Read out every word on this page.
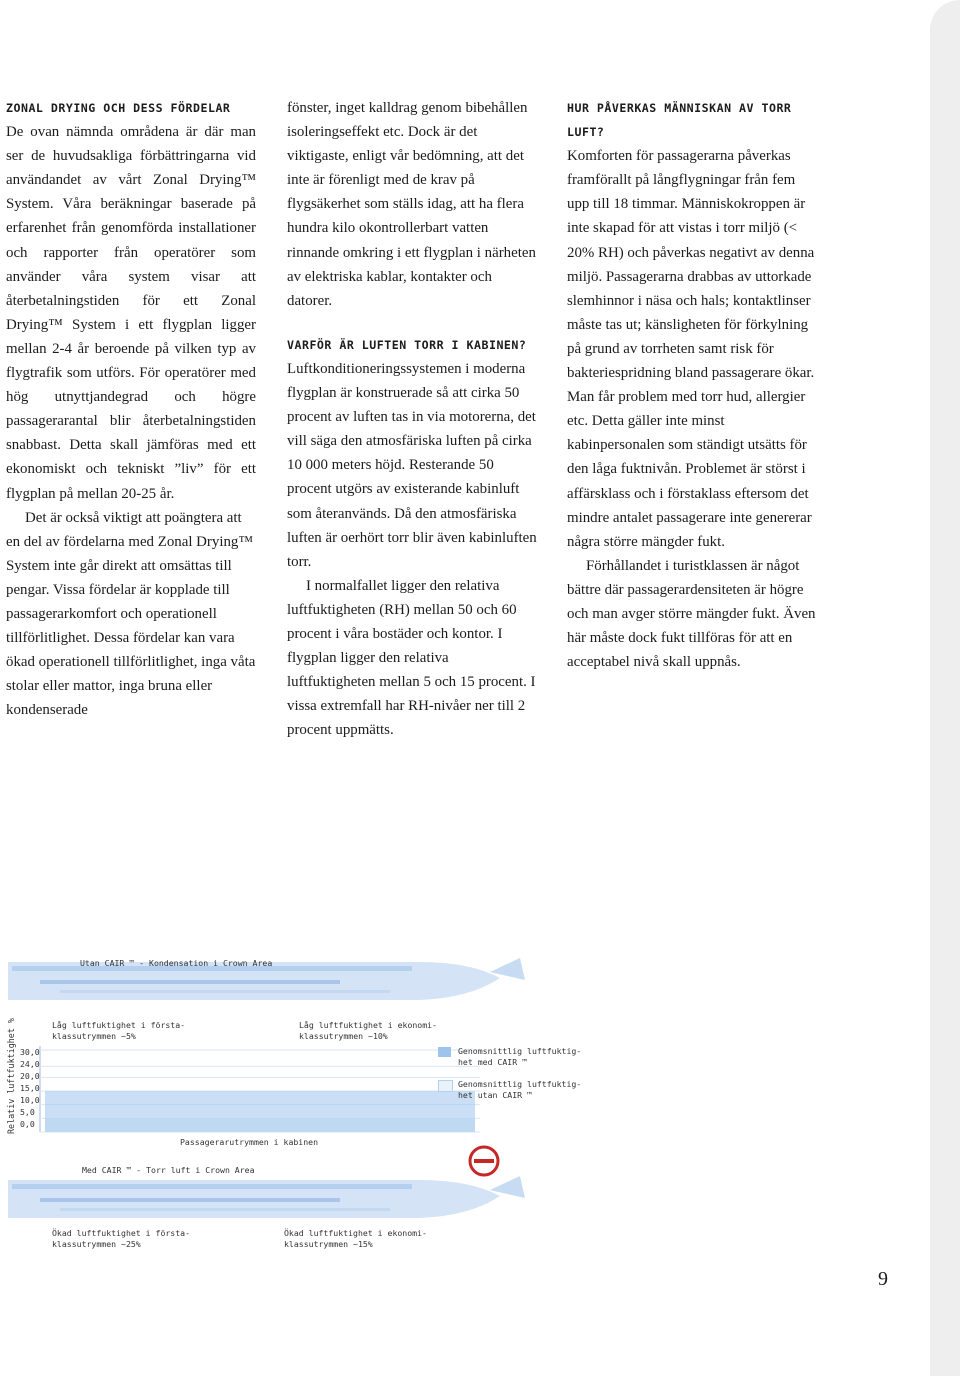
ZONAL DRYING OCH DESS FÖRDELAR

De ovan nämnda områdena är där man ser de huvudsakliga förbättringarna vid användandet av vårt Zonal Drying™ System. Våra beräkningar baserade på erfarenhet från genomförda installationer och rapporter från operatörer som använder våra system visar att återbetalningstiden för ett Zonal Drying™ System i ett flygplan ligger mellan 2-4 år beroende på vilken typ av flygtrafik som utförs. För operatörer med hög utnyttjandegrad och högre passagerarantal blir återbetalningstiden snabbast. Detta skall jämföras med ett ekonomiskt och tekniskt ”liv” för ett flygplan på mellan 20-25 år.

Det är också viktigt att poängtera att en del av fördelarna med Zonal Drying™ System inte går direkt att omsättas till pengar. Vissa fördelar är kopplade till passagerarkomfort och operationell tillförlitlighet. Dessa fördelar kan vara ökad operationell tillförlitlighet, inga våta stolar eller mattor, inga bruna eller kondenserade

fönster, inget kalldrag genom bibehållen isoleringseffekt etc. Dock är det viktigaste, enligt vår bedömning, att det inte är förenligt med de krav på flygsäkerhet som ställs idag, att ha flera hundra kilo okontrollerbart vatten rinnande omkring i ett flygplan i närheten av elektriska kablar, kontakter och datorer.

VARFÖR ÄR LUFTEN TORR I KABINEN?

Luftkonditioneringssystemen i moderna flygplan är konstruerade så att cirka 50 procent av luften tas in via motorerna, det vill säga den atmosfäriska luften på cirka 10 000 meters höjd. Resterande 50 procent utgörs av existerande kabinluft som återanvänds. Då den atmosfäriska luften är oerhört torr blir även kabinluften torr.

I normalfallet ligger den relativa luftfuktigheten (RH) mellan 50 och 60 procent i våra bostäder och kontor. I flygplan ligger den relativa luftfuktigheten mellan 5 och 15 procent. I vissa extremfall har RH-nivåer ner till 2 procent uppmätts.

HUR PÅVERKAS MÄNNISKAN AV TORR LUFT?

Komforten för passagerarna påverkas framförallt på långflygningar från fem upp till 18 timmar. Människokroppen är inte skapad för att vistas i torr miljö (< 20% RH) och påverkas negativt av denna miljö. Passagerarna drabbas av uttorkade slemhinnor i näsa och hals; kontaktlinser måste tas ut; känsligheten för förkylning på grund av torrheten samt risk för bakteriespridning bland passagerare ökar. Man får problem med torr hud, allergier etc. Detta gäller inte minst kabinpersonalen som ständigt utsätts för den låga fuktnivån. Problemet är störst i affärsklass och i förstaklass eftersom det mindre antalet passagerare inte genererar några större mängder fukt.

Förhållandet i turistklassen är något bättre där passagerardensiteten är högre och man avger större mängder fukt. Även här måste dock fukt tillföras för att en acceptabel nivå skall uppnås.

Utan CAIR ™ - Kondensation i Crown Area
Låg luftfuktighet i första-
klassutrymmen ~5%
Låg luftfuktighet i ekonomi-
klassutrymmen ~10%
Relativ luftfuktighet % 30,0
24,0
20,0
15,0
10,0
5,0
0,0
Passagerarutrymmen i kabinen
Med CAIR ™ - Torr luft i Crown Area
Ökad luftfuktighet i första-
klassutrymmen ~25%
Ökad luftfuktighet i ekonomi-
klassutrymmen ~15%
Genomsnittlig luftfuktig-
het med CAIR ™
Genomsnittlig luftfuktig-
het utan CAIR ™
9
